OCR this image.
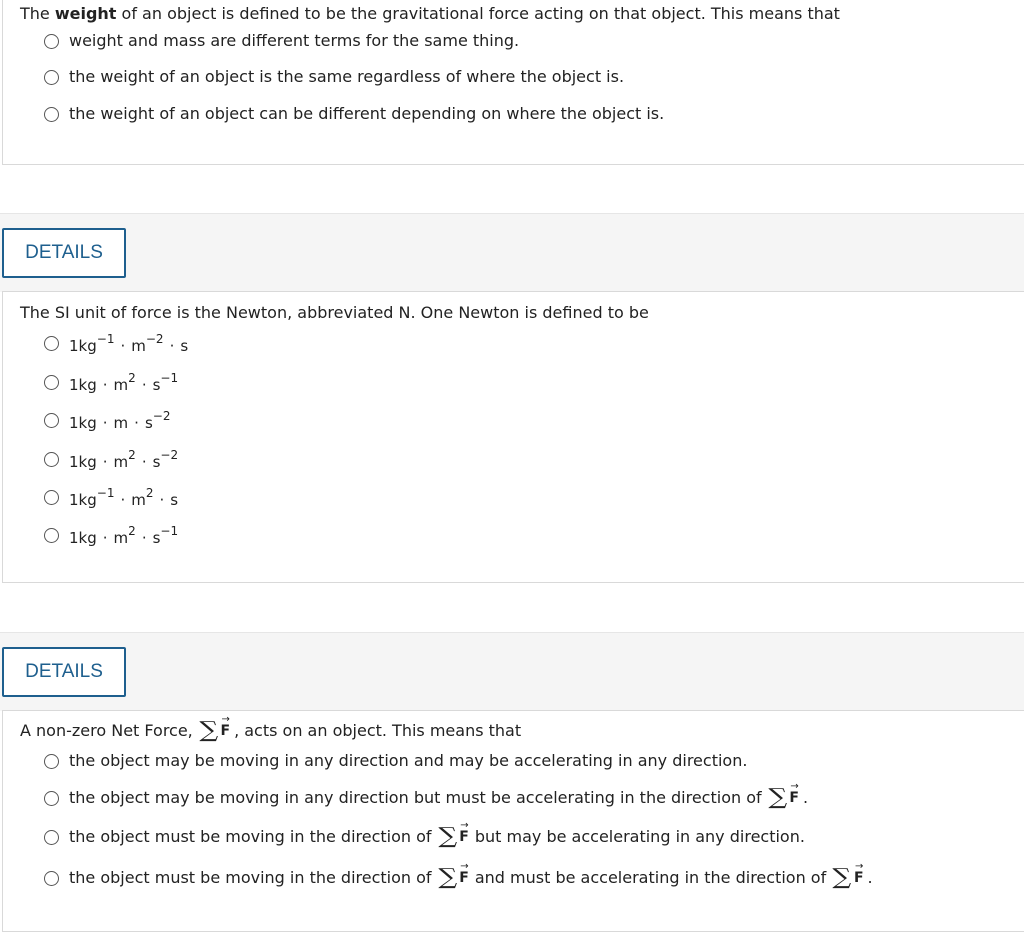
The weight of an object is defined to be the gravitational force acting on that object. This means that
weight and mass are different terms for the same thing.
the weight of an object is the same regardless of where the object is.
the weight of an object can be different depending on where the object is.
DETAILS
The SI unit of force is the Newton, abbreviated N. One Newton is defined to be
$1kg^{-1} \cdot m^{-2} \cdot s$
$1kg \cdot m^2 \cdot s^{-1}$
$1kg \cdot m \cdot s^{-2}$
$1kg \cdot m^2 \cdot s^{-2}$
$1kg^{-1} \cdot m^2 \cdot s$
$1kg \cdot m^2 \cdot s^{-1}$
DETAILS
A non-zero Net Force, ∑ → F , acts on an object. This means that
the object may be moving in any direction and may be accelerating in any direction.
the object may be moving in any direction but must be accelerating in the direction of ∑ → F .
the object must be moving in the direction of ∑ → F but may be accelerating in any direction.
the object must be moving in the direction of ∑ → F and must be accelerating in the direction of ∑ → F .
